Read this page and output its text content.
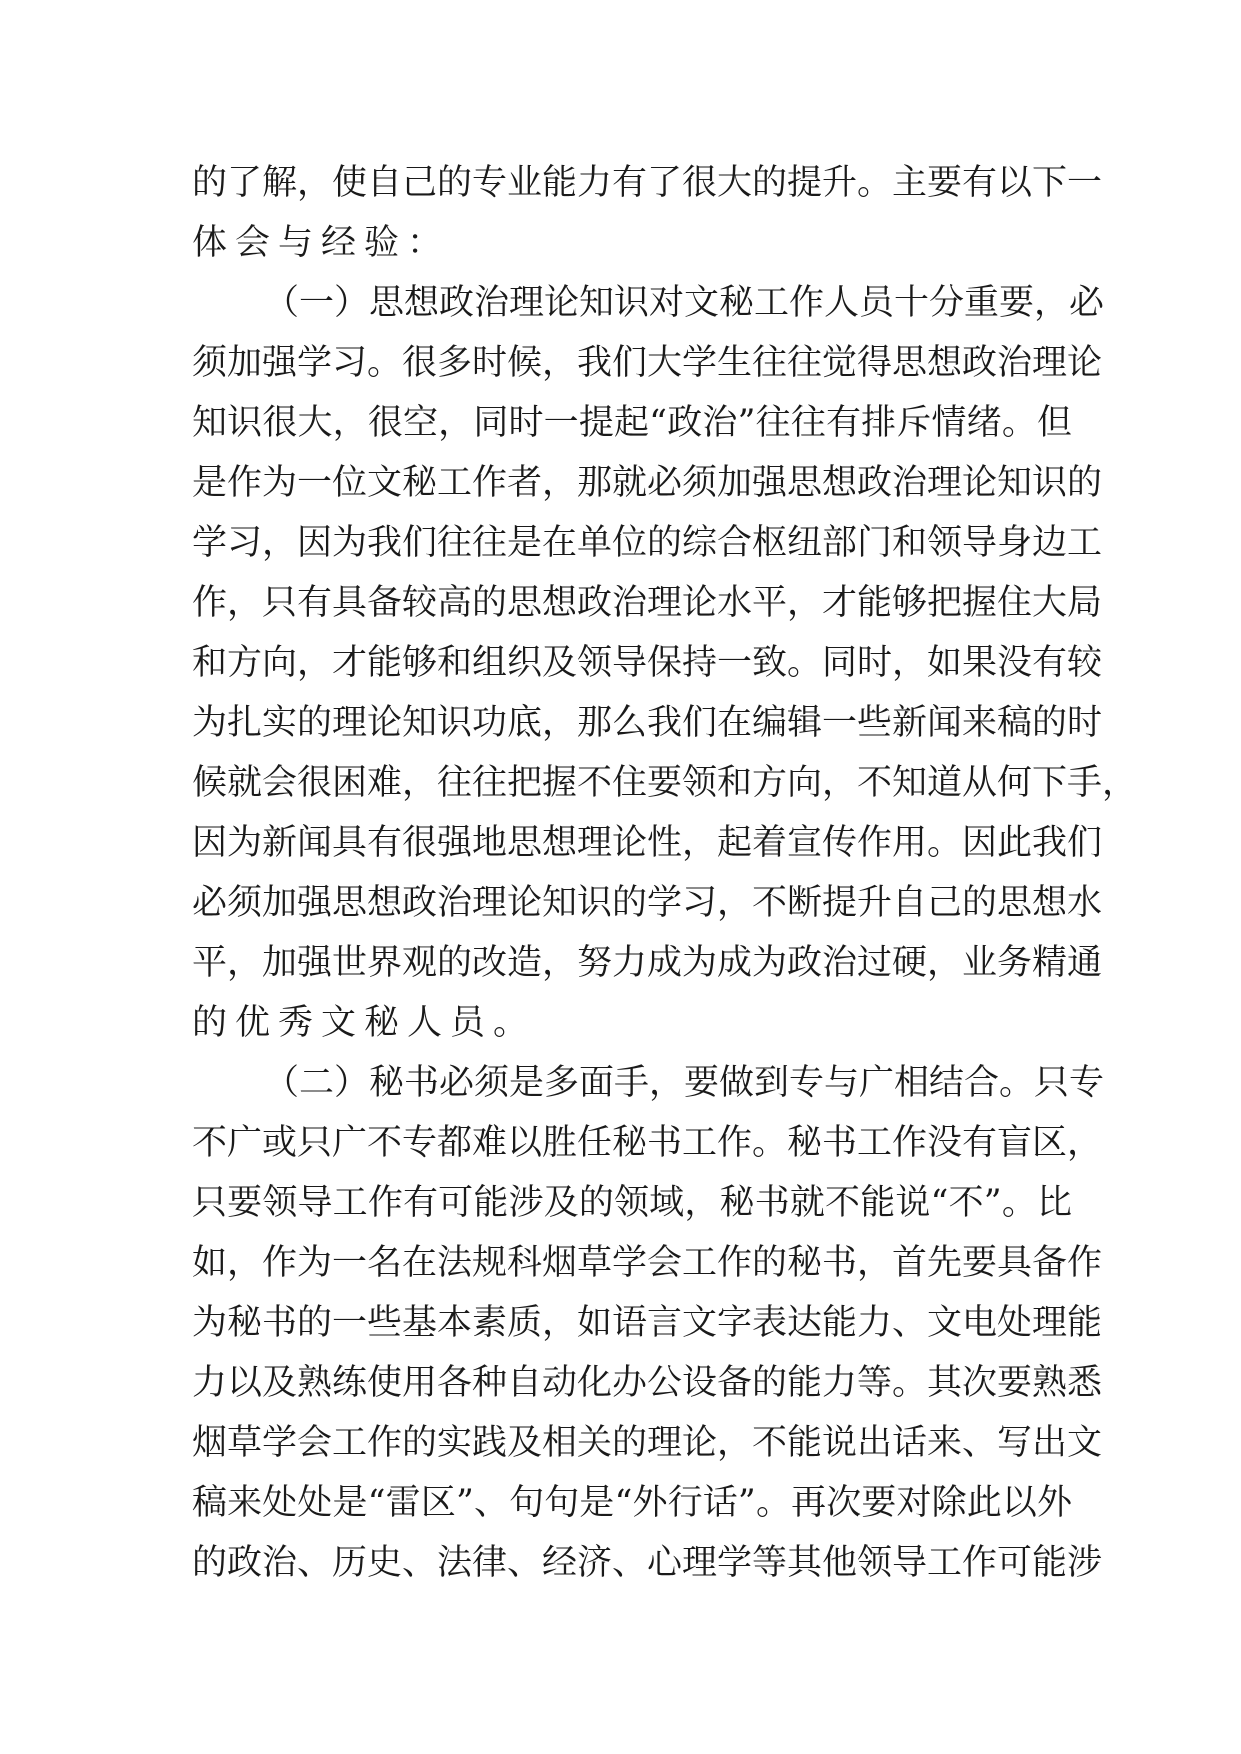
的了解，使自己的专业能力有了很大的提升。主要有以下一
体会与经验：
（一）思想政治理论知识对文秘工作人员十分重要，必
须加强学习。很多时候，我们大学生往往觉得思想政治理论
知识很大，很空，同时一提起“政治”往往有排斥情绪。但
是作为一位文秘工作者，那就必须加强思想政治理论知识的
学习，因为我们往往是在单位的综合枢纽部门和领导身边工
作，只有具备较高的思想政治理论水平，才能够把握住大局
和方向，才能够和组织及领导保持一致。同时，如果没有较
为扎实的理论知识功底，那么我们在编辑一些新闻来稿的时
候就会很困难，往往把握不住要领和方向，不知道从何下手，
因为新闻具有很强地思想理论性，起着宣传作用。因此我们
必须加强思想政治理论知识的学习，不断提升自己的思想水
平，加强世界观的改造，努力成为成为政治过硬，业务精通
的优秀文秘人员。
（二）秘书必须是多面手，要做到专与广相结合。只专
不广或只广不专都难以胜任秘书工作。秘书工作没有盲区，
只要领导工作有可能涉及的领域，秘书就不能说“不”。比
如，作为一名在法规科烟草学会工作的秘书，首先要具备作
为秘书的一些基本素质，如语言文字表达能力、文电处理能
力以及熟练使用各种自动化办公设备的能力等。其次要熟悉
烟草学会工作的实践及相关的理论，不能说出话来、写出文
稿来处处是“雷区”、句句是“外行话”。再次要对除此以外
的政治、历史、法律、经济、心理学等其他领导工作可能涉
